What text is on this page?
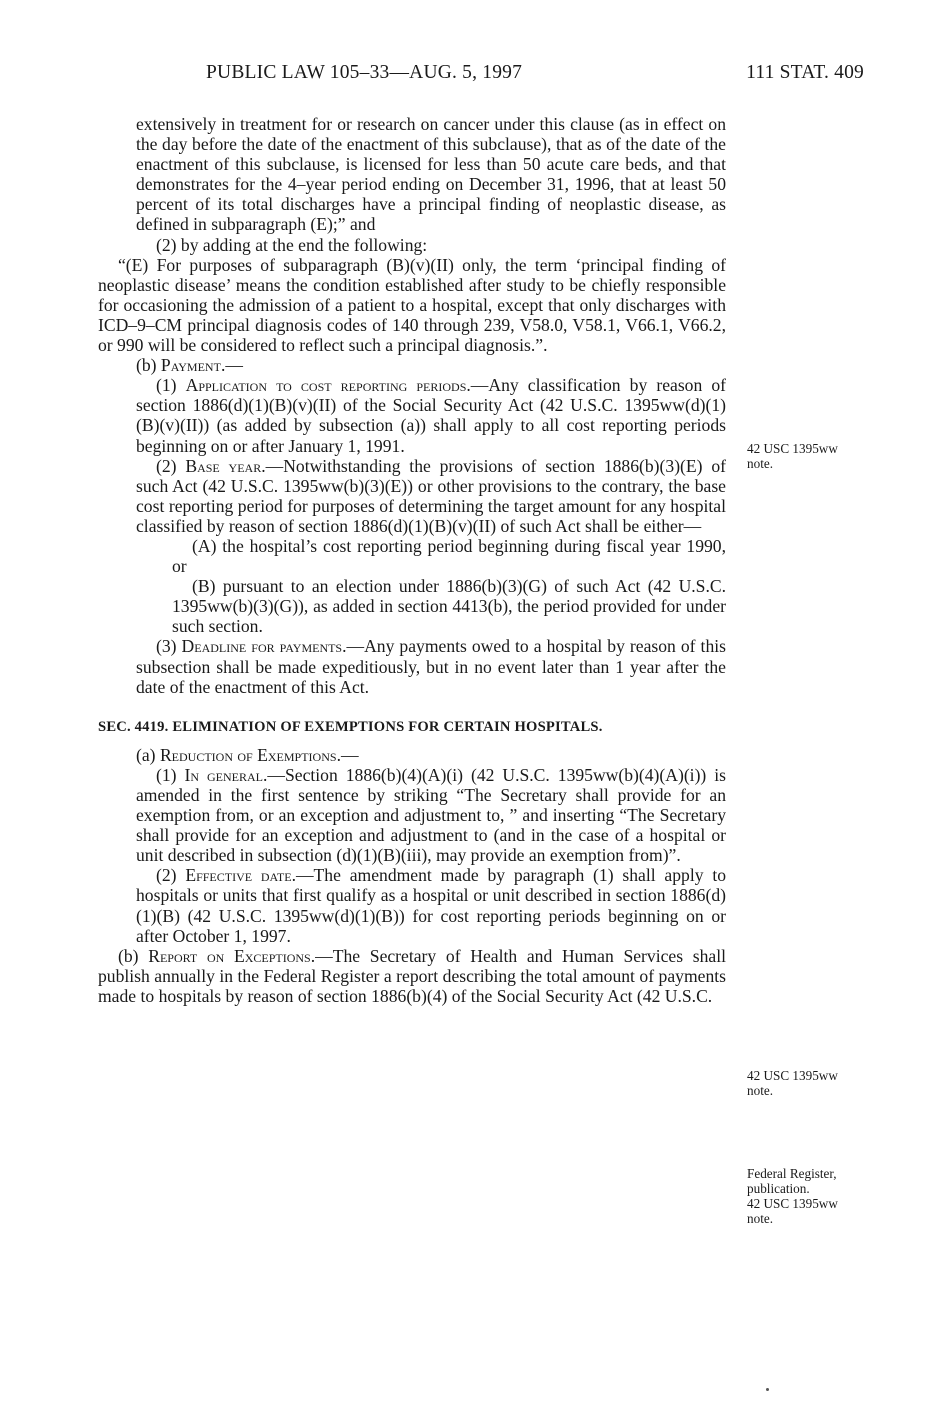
PUBLIC LAW 105–33—AUG. 5, 1997	111 STAT. 409

extensively in treatment for or research on cancer under this clause (as in effect on the day before the date of the enactment of this subclause), that as of the date of the enactment of this subclause, is licensed for less than 50 acute care beds, and that demonstrates for the 4–year period ending on December 31, 1996, that at least 50 percent of its total discharges have a principal finding of neoplastic disease, as defined in subparagraph (E);” and

(2) by adding at the end the following:

“(E) For purposes of subparagraph (B)(v)(II) only, the term ‘principal finding of neoplastic disease’ means the condition established after study to be chiefly responsible for occasioning the admission of a patient to a hospital, except that only discharges with ICD–9–CM principal diagnosis codes of 140 through 239, V58.0, V58.1, V66.1, V66.2, or 990 will be considered to reflect such a principal diagnosis.”.

(b) Payment.—

(1) Application to cost reporting periods.—Any classification by reason of section 1886(d)(1)(B)(v)(II) of the Social Security Act (42 U.S.C. 1395ww(d)(1)(B)(v)(II)) (as added by subsection (a)) shall apply to all cost reporting periods beginning on or after January 1, 1991.

(2) Base year.—Notwithstanding the provisions of section 1886(b)(3)(E) of such Act (42 U.S.C. 1395ww(b)(3)(E)) or other provisions to the contrary, the base cost reporting period for purposes of determining the target amount for any hospital classified by reason of section 1886(d)(1)(B)(v)(II) of such Act shall be either—

(A) the hospital’s cost reporting period beginning during fiscal year 1990, or

(B) pursuant to an election under 1886(b)(3)(G) of such Act (42 U.S.C. 1395ww(b)(3)(G)), as added in section 4413(b), the period provided for under such section.

(3) Deadline for payments.—Any payments owed to a hospital by reason of this subsection shall be made expeditiously, but in no event later than 1 year after the date of the enactment of this Act.

SEC. 4419. ELIMINATION OF EXEMPTIONS FOR CERTAIN HOSPITALS.

(a) Reduction of Exemptions.—

(1) In general.—Section 1886(b)(4)(A)(i) (42 U.S.C. 1395ww(b)(4)(A)(i)) is amended in the first sentence by striking “The Secretary shall provide for an exemption from, or an exception and adjustment to, ” and inserting “The Secretary shall provide for an exception and adjustment to (and in the case of a hospital or unit described in subsection (d)(1)(B)(iii), may provide an exemption from)”.

(2) Effective date.—The amendment made by paragraph (1) shall apply to hospitals or units that first qualify as a hospital or unit described in section 1886(d)(1)(B) (42 U.S.C. 1395ww(d)(1)(B)) for cost reporting periods beginning on or after October 1, 1997.

(b) Report on Exceptions.—The Secretary of Health and Human Services shall publish annually in the Federal Register a report describing the total amount of payments made to hospitals by reason of section 1886(b)(4) of the Social Security Act (42 U.S.C.

42 USC 1395ww
note.
42 USC 1395ww
note.
Federal Register,
publication.
42 USC 1395ww
note.
